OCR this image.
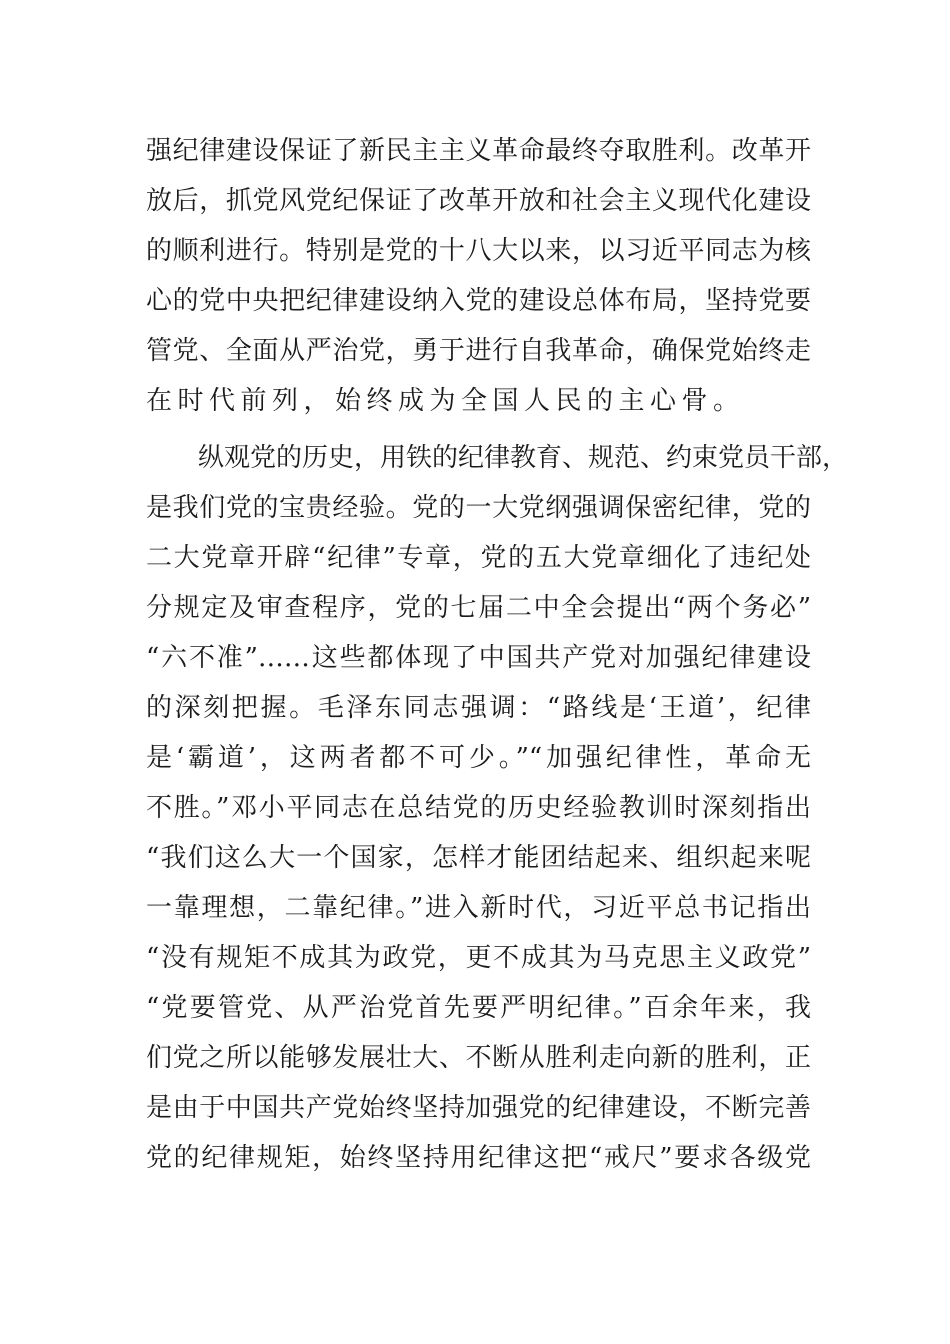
强纪律建设保证了新民主主义革命最终夺取胜利。改革开
放后，抓党风党纪保证了改革开放和社会主义现代化建设
的顺利进行。特别是党的十八大以来，以习近平同志为核
心的党中央把纪律建设纳入党的建设总体布局，坚持党要
管党、全面从严治党，勇于进行自我革命，确保党始终走
在时代前列，始终成为全国人民的主心骨。
　　纵观党的历史，用铁的纪律教育、规范、约束党员干部，
是我们党的宝贵经验。党的一大党纲强调保密纪律，党的
二大党章开辟“纪律”专章，党的五大党章细化了违纪处
分规定及审查程序，党的七届二中全会提出“两个务必”
“六不准”……这些都体现了中国共产党对加强纪律建设
的深刻把握。毛泽东同志强调：“路线是‘王道’，纪律
是‘霸道’，这两者都不可少。”“加强纪律性，革命无
不胜。”邓小平同志在总结党的历史经验教训时深刻指出
“我们这么大一个国家，怎样才能团结起来、组织起来呢
一靠理想，二靠纪律。”进入新时代，习近平总书记指出
“没有规矩不成其为政党，更不成其为马克思主义政党”
“党要管党、从严治党首先要严明纪律。”百余年来，我
们党之所以能够发展壮大、不断从胜利走向新的胜利，正
是由于中国共产党始终坚持加强党的纪律建设，不断完善
党的纪律规矩，始终坚持用纪律这把“戒尺”要求各级党
